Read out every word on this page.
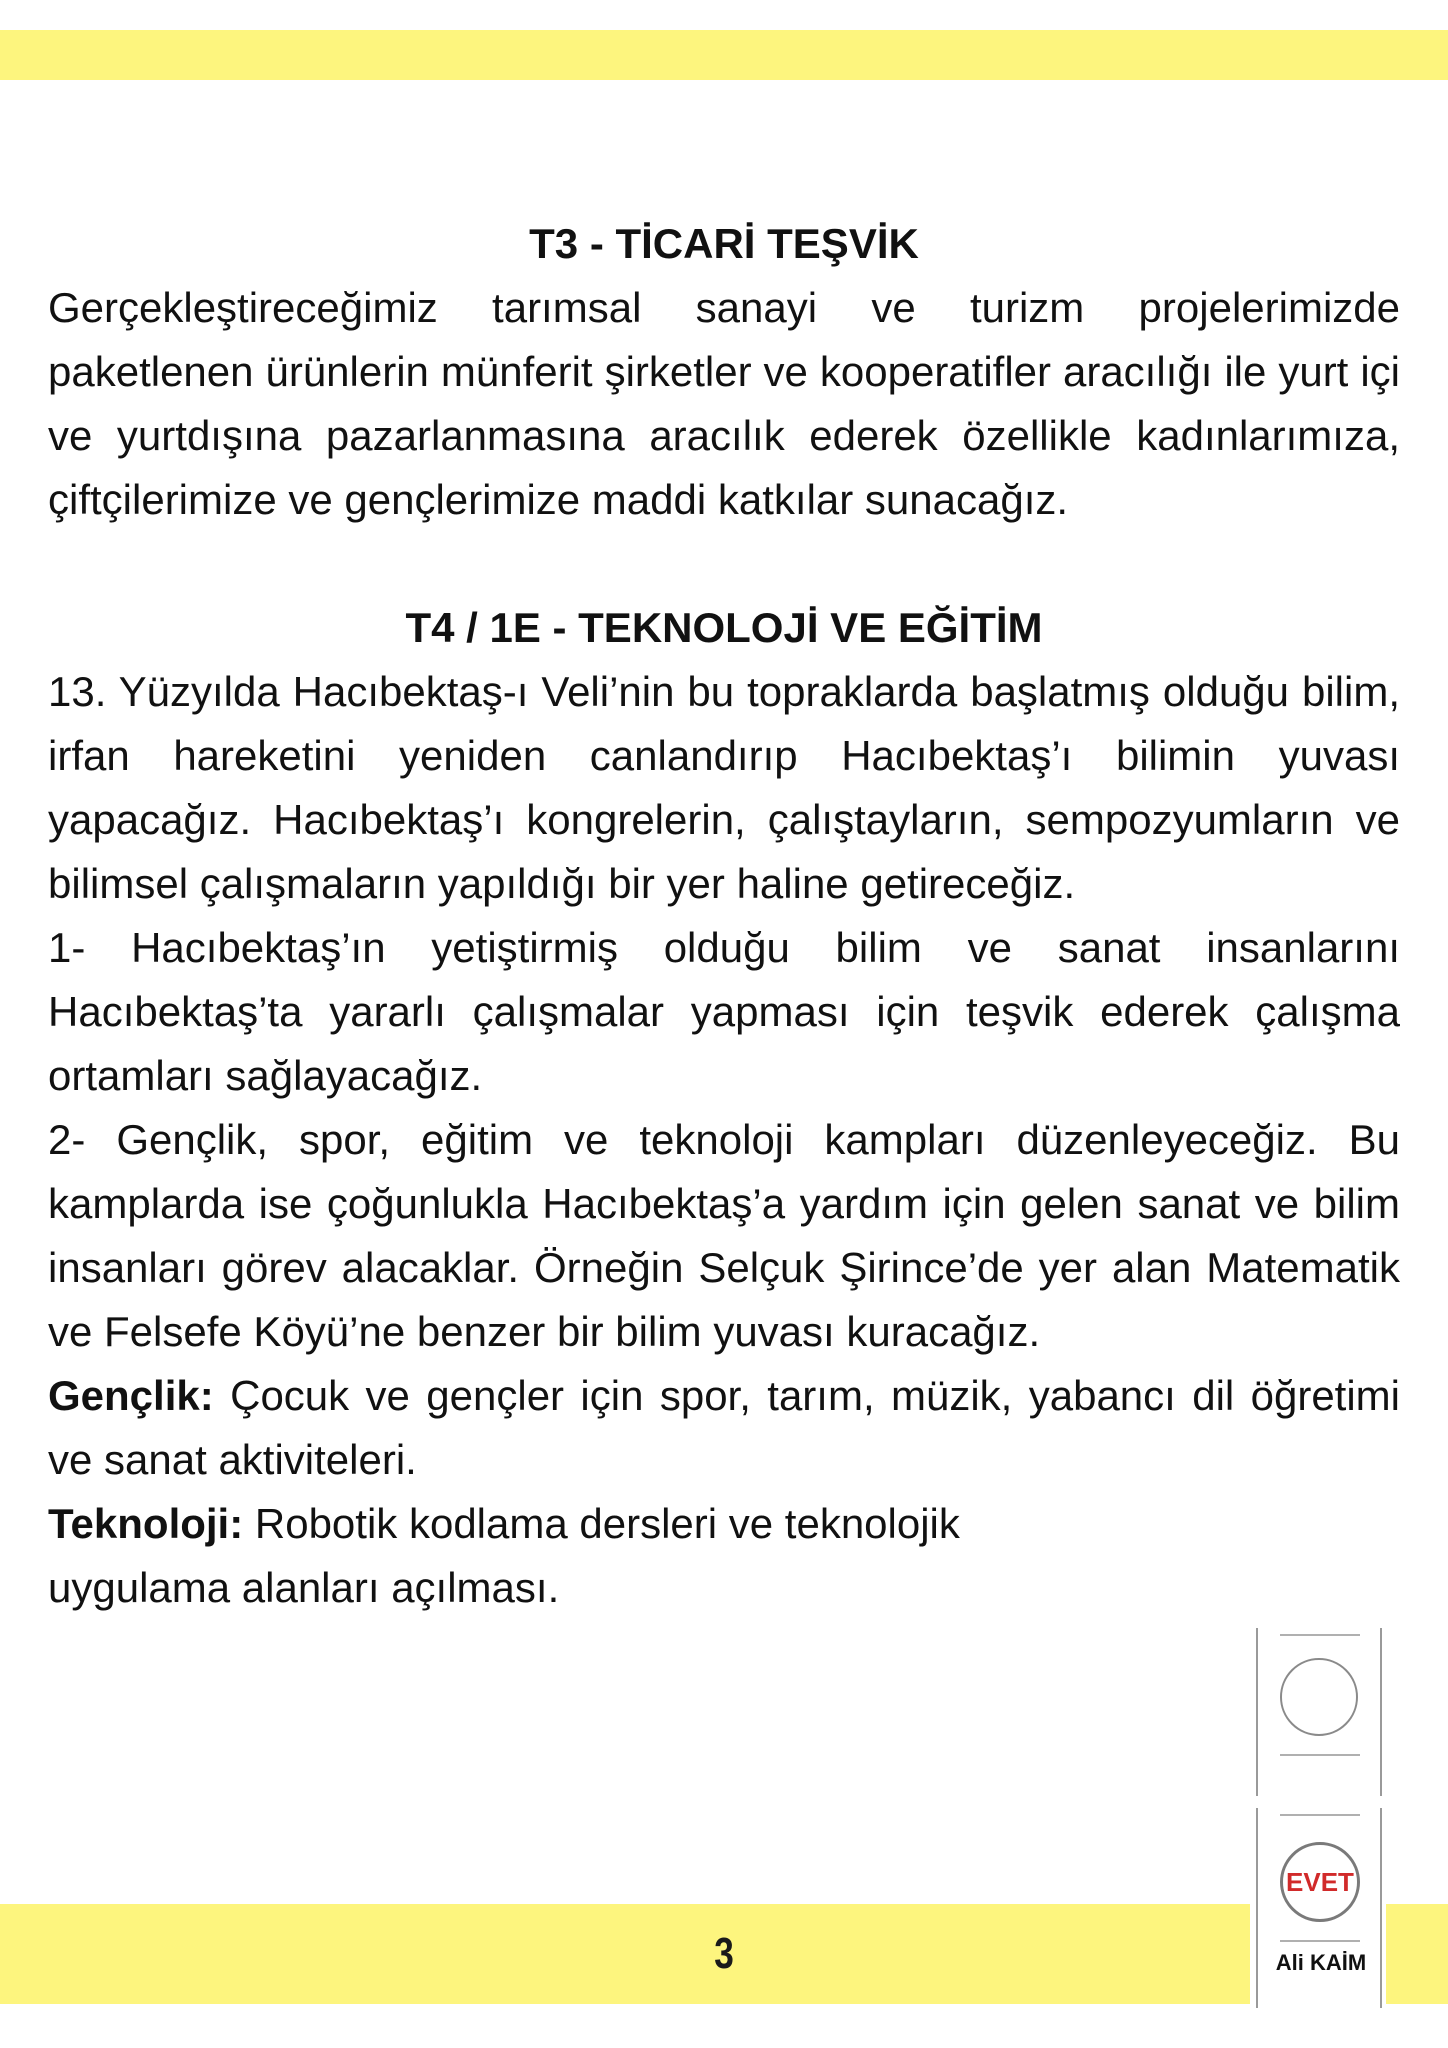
T3 - TİCARİ TEŞVİK

Gerçekleştireceğimiz tarımsal sanayi ve turizm projelerimizde paketlenen ürünlerin münferit şirketler ve kooperatifler aracılığı ile yurt içi ve yurtdışına pazarlanmasına aracılık ederek özellikle kadınlarımıza, çiftçilerimize ve gençlerimize maddi katkılar sunacağız.

T4 / 1E - TEKNOLOJİ VE EĞİTİM

13. Yüzyılda Hacıbektaş-ı Veli’nin bu topraklarda başlatmış olduğu bilim, irfan hareketini yeniden canlandırıp Hacıbektaş’ı bilimin yuvası yapacağız. Hacıbektaş’ı kongrelerin, çalıştayların, sempozyumların ve bilimsel çalışmaların yapıldığı bir yer haline getireceğiz.

1- Hacıbektaş’ın yetiştirmiş olduğu bilim ve sanat insanlarını Hacıbektaş’ta yararlı çalışmalar yapması için teşvik ederek çalışma ortamları sağlayacağız.

2- Gençlik, spor, eğitim ve teknoloji kampları düzenleyeceğiz. Bu kamplarda ise çoğunlukla Hacıbektaş’a yardım için gelen sanat ve bilim insanları görev alacaklar. Örneğin Selçuk Şirince’de yer alan Matematik ve Felsefe Köyü’ne benzer bir bilim yuvası kuracağız.

Gençlik: Çocuk ve gençler için spor, tarım, müzik, yabancı dil öğretimi ve sanat aktiviteleri.

Teknoloji: Robotik kodlama dersleri ve teknolojik
uygulama alanları açılması.

3
EVET
Ali KAİM
